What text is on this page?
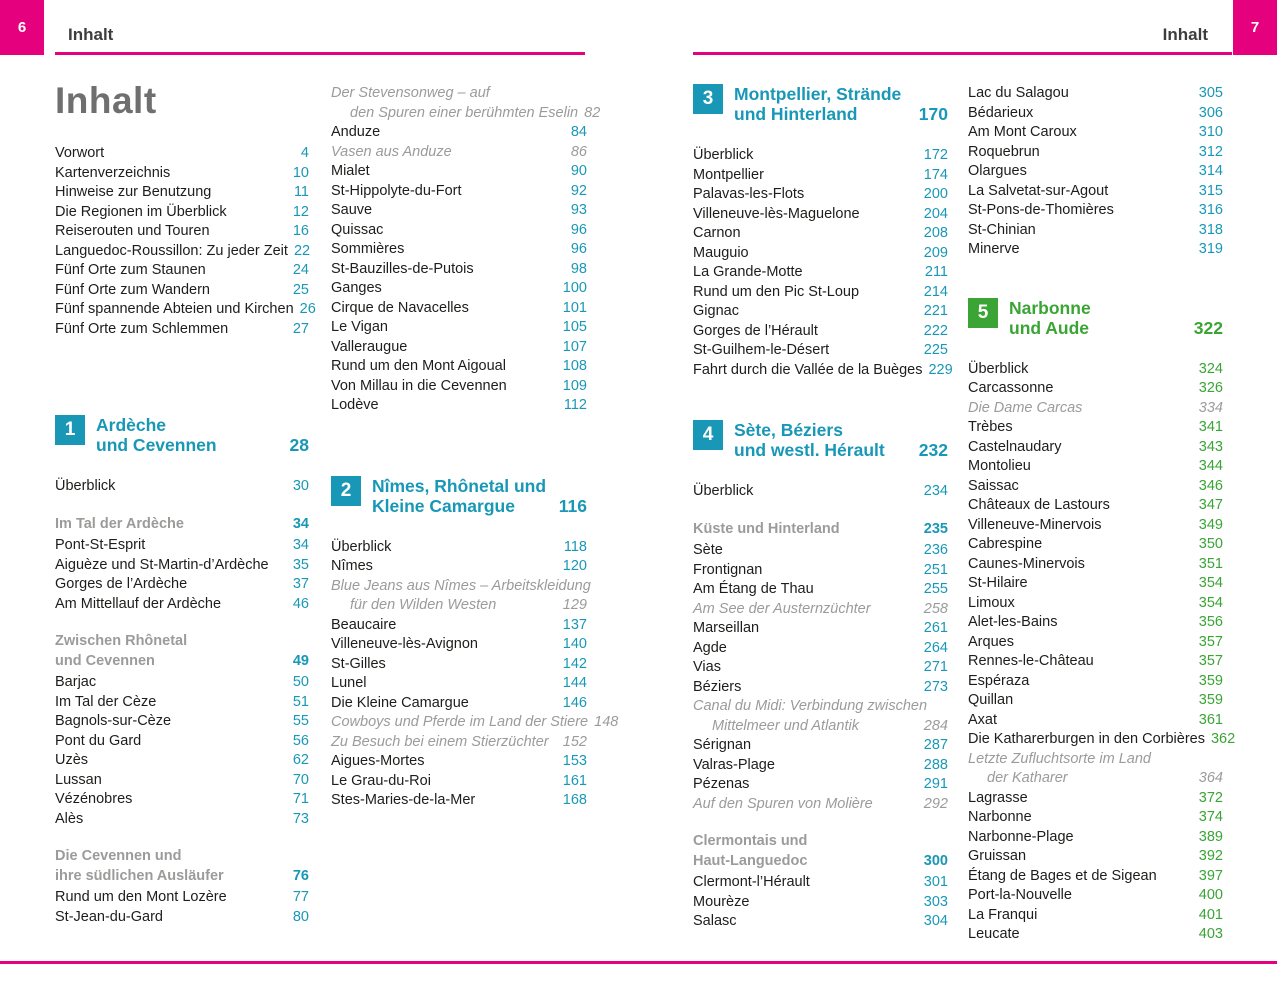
6	Inhalt	Inhalt	7
Inhalt
Vorwort	4
Kartenverzeichnis	10
Hinweise zur Benutzung	11
Die Regionen im Überblick	12
Reiserouten und Touren	16
Languedoc-Roussillon: Zu jeder Zeit 22
Fünf Orte zum Staunen	24
Fünf Orte zum Wandern	25
Fünf spannende Abteien und Kirchen 26
Fünf Orte zum Schlemmen	27
1	Ardèche
und Cevennen	28
Überblick	30
Im Tal der Ardèche	34
Pont-St-Esprit	34
Aiguèze und St-Martin-d’Ardèche	35
Gorges de l’Ardèche	37
Am Mittellauf der Ardèche	46
Zwischen Rhônetal
und Cevennen	49
Barjac	50
Im Tal der Cèze	51
Bagnols-sur-Cèze	55
Pont du Gard	56
Uzès	62
Lussan	70
Vézénobres	71
Alès	73
Die Cevennen und
ihre südlichen Ausläufer	76
Rund um den Mont Lozère	77
St-Jean-du-Gard	80
Der Stevensonweg – auf
den Spuren einer berühmten Eselin 82
Anduze	84
Vasen aus Anduze	86
Mialet	90
St-Hippolyte-du-Fort	92
Sauve	93
Quissac	96
Sommières	96
St-Bauzilles-de-Putois	98
Ganges	100
Cirque de Navacelles	101
Le Vigan	105
Valleraugue	107
Rund um den Mont Aigoual	108
Von Millau in die Cevennen	109
Lodève	112
2	Nîmes, Rhônetal und
Kleine Camargue	116
Überblick	118
Nîmes	120
Blue Jeans aus Nîmes – Arbeitskleidung
für den Wilden Westen	129
Beaucaire	137
Villeneuve-lès-Avignon	140
St-Gilles	142
Lunel	144
Die Kleine Camargue	146
Cowboys und Pferde im Land der Stiere 148
Zu Besuch bei einem Stierzüchter 152
Aigues-Mortes	153
Le Grau-du-Roi	161
Stes-Maries-de-la-Mer	168
3	Montpellier, Strände
und Hinterland	170
Überblick	172
Montpellier	174
Palavas-les-Flots	200
Villeneuve-lès-Maguelone	204
Carnon	208
Mauguio	209
La Grande-Motte	211
Rund um den Pic St-Loup	214
Gignac	221
Gorges de l’Hérault	222
St-Guilhem-le-Désert	225
Fahrt durch die Vallée de la Buèges 229
4	Sète, Béziers
und westl. Hérault	232
Überblick	234
Küste und Hinterland	235
Sète	236
Frontignan	251
Am Étang de Thau	255
Am See der Austernzüchter	258
Marseillan	261
Agde	264
Vias	271
Béziers	273
Canal du Midi: Verbindung zwischen
Mittelmeer und Atlantik	284
Sérignan	287
Valras-Plage	288
Pézenas	291
Auf den Spuren von Molière	292
Clermontais und
Haut-Languedoc	300
Clermont-l’Hérault	301
Mourèze	303
Salasc	304
Lac du Salagou	305
Bédarieux	306
Am Mont Caroux	310
Roquebrun	312
Olargues	314
La Salvetat-sur-Agout	315
St-Pons-de-Thomières	316
St-Chinian	318
Minerve	319
5	Narbonne
und Aude	322
Überblick	324
Carcassonne	326
Die Dame Carcas	334
Trèbes	341
Castelnaudary	343
Montolieu	344
Saissac	346
Châteaux de Lastours	347
Villeneuve-Minervois	349
Cabrespine	350
Caunes-Minervois	351
St-Hilaire	354
Limoux	354
Alet-les-Bains	356
Arques	357
Rennes-le-Château	357
Espéraza	359
Quillan	359
Axat	361
Die Katharerburgen in den Corbières 362
Letzte Zufluchtsorte im Land
der Katharer	364
Lagrasse	372
Narbonne	374
Narbonne-Plage	389
Gruissan	392
Étang de Bages et de Sigean	397
Port-la-Nouvelle	400
La Franqui	401
Leucate	403
